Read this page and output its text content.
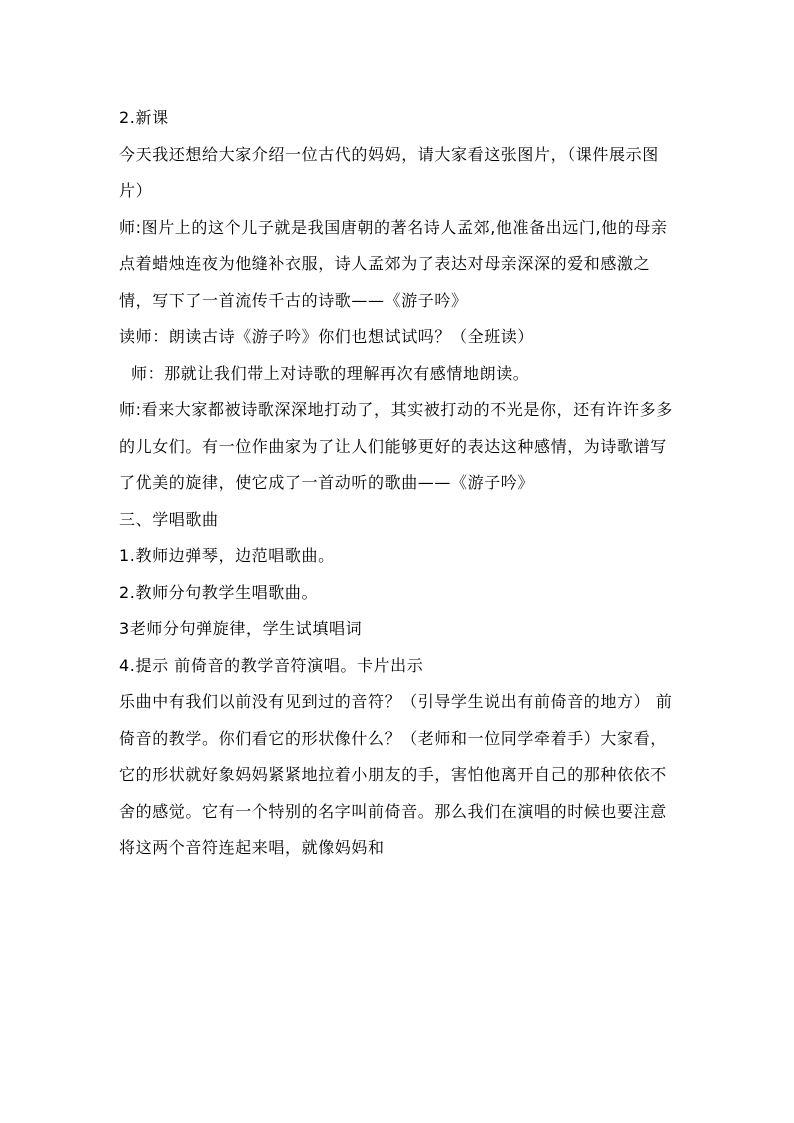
2.新课

今天我还想给大家介绍一位古代的妈妈，请大家看这张图片，（课件展示图片）

师:图片上的这个儿子就是我国唐朝的著名诗人孟郊,他准备出远门,他的母亲点着蜡烛连夜为他缝补衣服，诗人孟郊为了表达对母亲深深的爱和感激之情，写下了一首流传千古的诗歌——《游子吟》

读师：朗读古诗《游子吟》你们也想试试吗？（全班读）

师：那就让我们带上对诗歌的理解再次有感情地朗读。

师:看来大家都被诗歌深深地打动了，其实被打动的不光是你，还有许许多多的儿女们。有一位作曲家为了让人们能够更好的表达这种感情，为诗歌谱写了优美的旋律，使它成了一首动听的歌曲——《游子吟》

三、学唱歌曲

1.教师边弹琴，边范唱歌曲。

2.教师分句教学生唱歌曲。

3老师分句弹旋律，学生试填唱词

4.提示 前倚音的教学音符演唱。卡片出示

乐曲中有我们以前没有见到过的音符？（引导学生说出有前倚音的地方） 前倚音的教学。你们看它的形状像什么？（老师和一位同学牵着手）大家看，它的形状就好象妈妈紧紧地拉着小朋友的手，害怕他离开自己的那种依依不舍的感觉。它有一个特别的名字叫前倚音。那么我们在演唱的时候也要注意将这两个音符连起来唱，就像妈妈和
